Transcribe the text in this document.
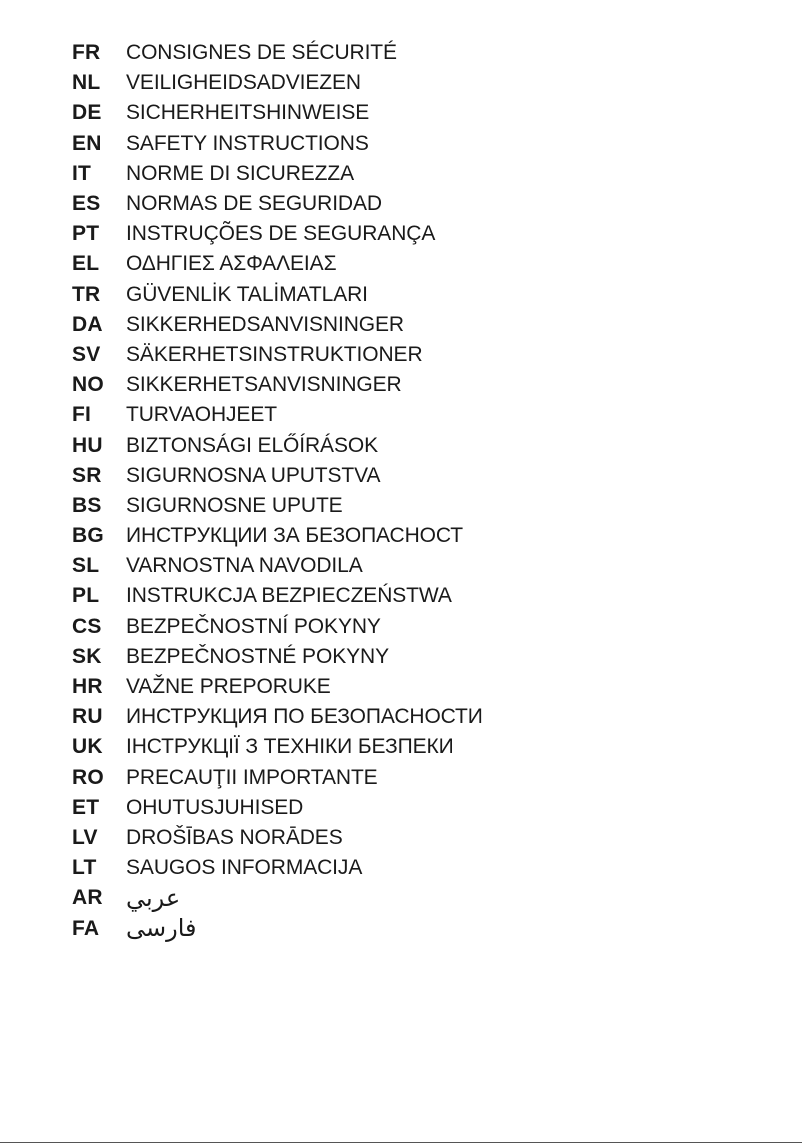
FR	CONSIGNES DE SÉCURITÉ
NL	VEILIGHEIDSADVIEZEN
DE	SICHERHEITSHINWEISE
EN	SAFETY INSTRUCTIONS
IT	NORME DI SICUREZZA
ES	NORMAS DE SEGURIDAD
PT	INSTRUÇÕES DE SEGURANÇA
EL	ΟΔΗΓΙΕΣ ΑΣΦΑΛΕΙΑΣ
TR	GÜVENLİK TALİMATLARI
DA	SIKKERHEDSANVISNINGER
SV	SÄKERHETSINSTRUKTIONER
NO	SIKKERHETSANVISNINGER
FI	TURVAOHJEET
HU	BIZTONSÁGI ELŐÍRÁSOK
SR	SIGURNOSNA UPUTSTVA
BS	SIGURNOSNE UPUTE
BG	ИНСТРУКЦИИ ЗА БЕЗОПАСНОСТ
SL	VARNOSTNA NAVODILA
PL	INSTRUKCJA BEZPIECZEŃSTWA
CS	BEZPEČNOSTNÍ POKYNY
SK	BEZPEČNOSTNÉ POKYNY
HR	VAŽNE PREPORUKE
RU	ИНСТРУКЦИЯ ПО БЕЗОПАСНОСТИ
UK	ІНСТРУКЦІЇ З ТЕХНІКИ БЕЗПЕКИ
RO	PRECAUŢII IMPORTANTE
ET	OHUTUSJUHISED
LV	DROŠĪBAS NORĀDES
LT	SAUGOS INFORMACIJA
AR عربي
FA	فارسی
